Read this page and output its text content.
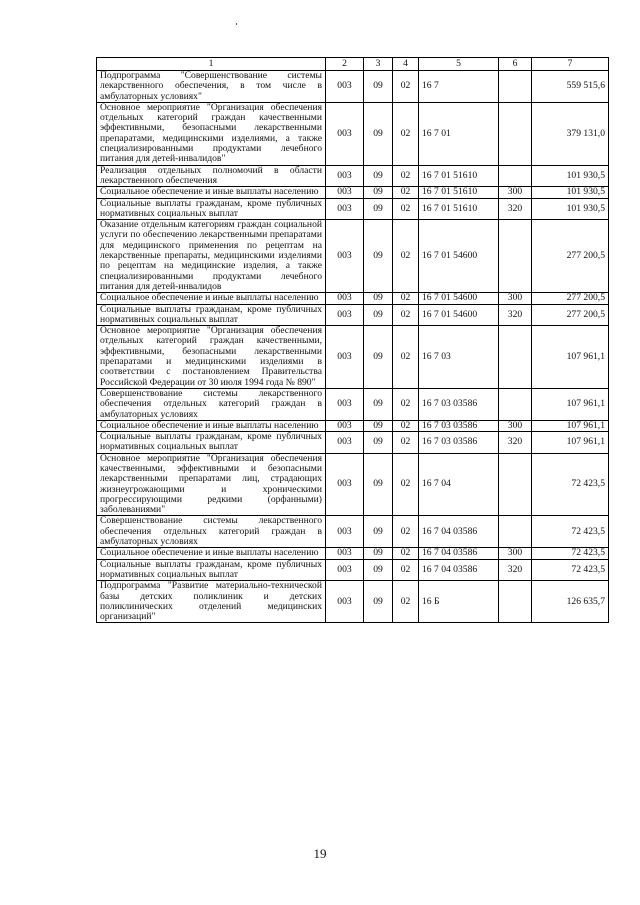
1	2	3	4	5	6	7
Подпрограмма "Совершенствование системы лекарственного обеспечения, в том числе в амбулаторных условиях"	003	09	02	16 7		559 515,6
Основное мероприятие "Организация обеспечения отдельных категорий граждан качественными эффективными, безопасными лекарственными препаратами, медицинскими изделиями, а также специализированными продуктами лечебного питания для детей-инвалидов"	003	09	02	16 7 01		379 131,0
Реализация отдельных полномочий в области лекарственного обеспечения	003	09	02	16 7 01 51610		101 930,5
Социальное обеспечение и иные выплаты населению	003	09	02	16 7 01 51610	300	101 930,5
Социальные выплаты гражданам, кроме публичных нормативных социальных выплат	003	09	02	16 7 01 51610	320	101 930,5
Оказание отдельным категориям граждан социальной услуги по обеспечению лекарственными препаратами для медицинского применения по рецептам на лекарственные препараты, медицинскими изделиями по рецептам на медицинские изделия, а также специализированными продуктами лечебного питания для детей-инвалидов	003	09	02	16 7 01 54600		277 200,5
Социальное обеспечение и иные выплаты населению	003	09	02	16 7 01 54600	300	277 200,5
Социальные выплаты гражданам, кроме публичных нормативных социальных выплат	003	09	02	16 7 01 54600	320	277 200,5
Основное мероприятие "Организация обеспечения отдельных категорий граждан качественными, эффективными, безопасными лекарственными препаратами и медицинскими изделиями в соответствии с постановлением Правительства Российской Федерации от 30 июля 1994 года № 890"	003	09	02	16 7 03		107 961,1
Совершенствование системы лекарственного обеспечения отдельных категорий граждан в амбулаторных условиях	003	09	02	16 7 03 03586		107 961,1
Социальное обеспечение и иные выплаты населению	003	09	02	16 7 03 03586	300	107 961,1
Социальные выплаты гражданам, кроме публичных нормативных социальных выплат	003	09	02	16 7 03 03586	320	107 961,1
Основное мероприятие "Организация обеспечения качественными, эффективными и безопасными лекарственными препаратами лиц, страдающих жизнеугрожающими и хроническими прогрессирующими редкими (орфанными) заболеваниями"	003	09	02	16 7 04		72 423,5
Совершенствование системы лекарственного обеспечения отдельных категорий граждан в амбулаторных условиях	003	09	02	16 7 04 03586		72 423,5
Социальное обеспечение и иные выплаты населению	003	09	02	16 7 04 03586	300	72 423,5
Социальные выплаты гражданам, кроме публичных нормативных социальных выплат	003	09	02	16 7 04 03586	320	72 423,5
Подпрограмма "Развитие материально-технической базы детских поликлиник и детских поликлинических отделений медицинских организаций"	003	09	02	16 Б		126 635,7
19
